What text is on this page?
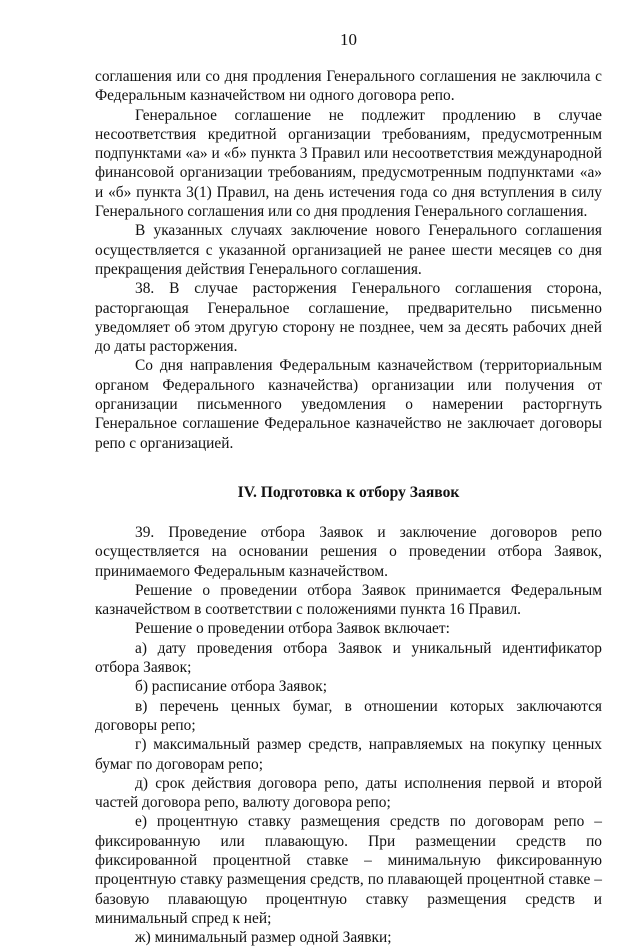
10

соглашения или со дня продления Генерального соглашения не заключила с Федеральным казначейством ни одного договора репо.

Генеральное соглашение не подлежит продлению в случае несоответствия кредитной организации требованиям, предусмотренным подпунктами «а» и «б» пункта 3 Правил или несоответствия международной финансовой организации требованиям, предусмотренным подпунктами «а» и «б» пункта 3(1) Правил, на день истечения года со дня вступления в силу Генерального соглашения или со дня продления Генерального соглашения.

В указанных случаях заключение нового Генерального соглашения осуществляется с указанной организацией не ранее шести месяцев со дня прекращения действия Генерального соглашения.

38. В случае расторжения Генерального соглашения сторона, расторгающая Генеральное соглашение, предварительно письменно уведомляет об этом другую сторону не позднее, чем за десять рабочих дней до даты расторжения.

Со дня направления Федеральным казначейством (территориальным органом Федерального казначейства) организации или получения от организации письменного уведомления о намерении расторгнуть Генеральное соглашение Федеральное казначейство не заключает договоры репо с организацией.

IV. Подготовка к отбору Заявок

39. Проведение отбора Заявок и заключение договоров репо осуществляется на основании решения о проведении отбора Заявок, принимаемого Федеральным казначейством.

Решение о проведении отбора Заявок принимается Федеральным казначейством в соответствии с положениями пункта 16 Правил.

Решение о проведении отбора Заявок включает:

а) дату проведения отбора Заявок и уникальный идентификатор отбора Заявок;

б) расписание отбора Заявок;

в) перечень ценных бумаг, в отношении которых заключаются договоры репо;

г) максимальный размер средств, направляемых на покупку ценных бумаг по договорам репо;

д) срок действия договора репо, даты исполнения первой и второй частей договора репо, валюту договора репо;

е) процентную ставку размещения средств по договорам репо – фиксированную или плавающую. При размещении средств по фиксированной процентной ставке – минимальную фиксированную процентную ставку размещения средств, по плавающей процентной ставке – базовую плавающую процентную ставку размещения средств и минимальный спред к ней;

ж) минимальный размер одной Заявки;
